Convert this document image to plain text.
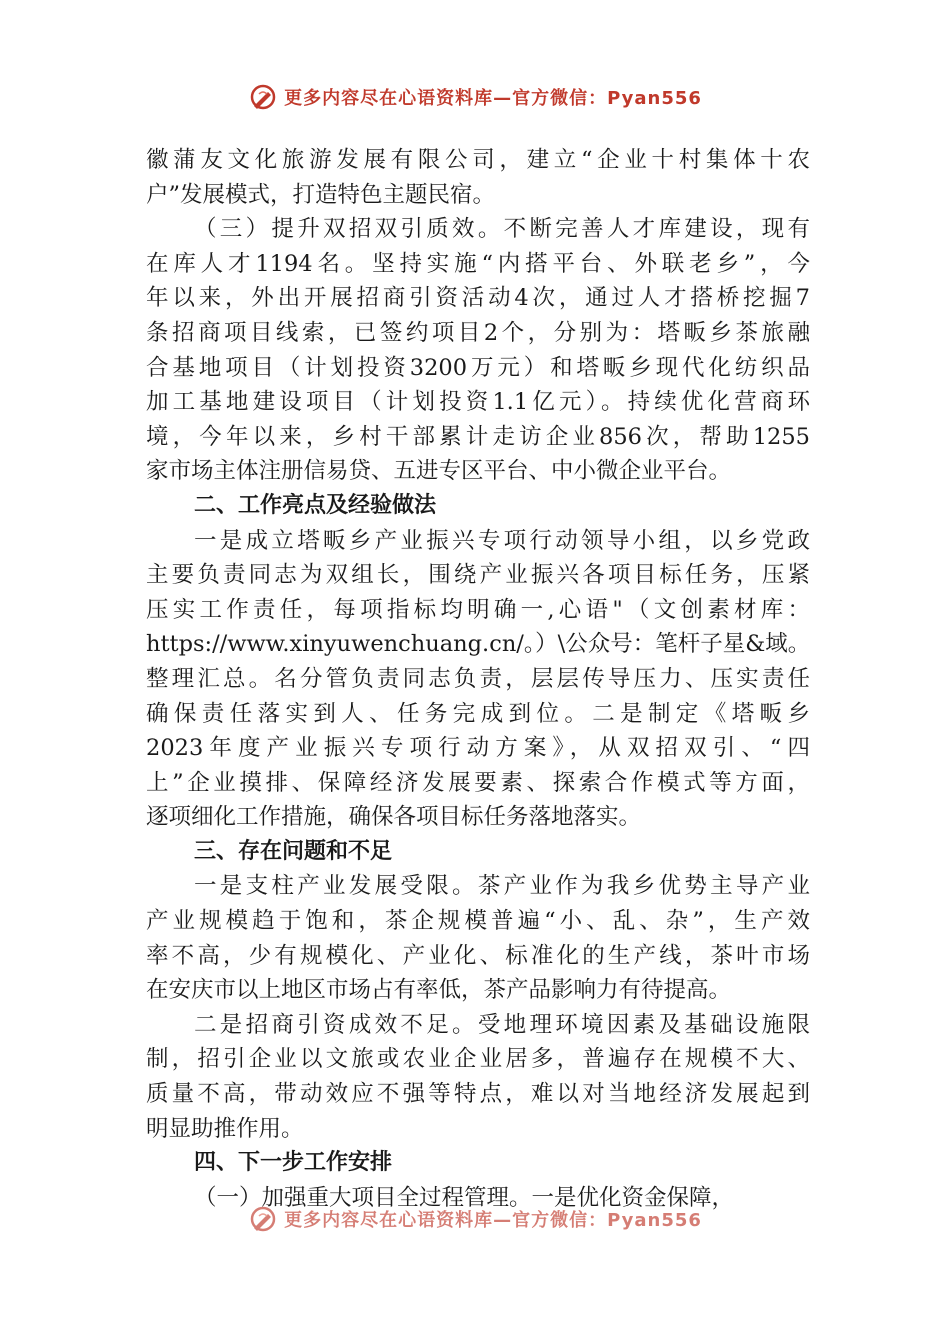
更多内容尽在心语资料库—官方微信：Pyan556
徽蒲友文化旅游发展有限公司，建立“企业十村集体十农
户”发展模式，打造特色主题民宿。
（三）提升双招双引质效。不断完善人才库建设，现有
在库人才1194名。坚持实施“内搭平台、外联老乡”，今
年以来，外出开展招商引资活动4次，通过人才搭桥挖掘7
条招商项目线索，已签约项目2个，分别为：塔畈乡茶旅融
合基地项目（计划投资3200万元）和塔畈乡现代化纺织品
加工基地建设项目（计划投资1.1亿元）。持续优化营商环
境，今年以来，乡村干部累计走访企业856次，帮助1255
家市场主体注册信易贷、五进专区平台、中小微企业平台。
二、工作亮点及经验做法
一是成立塔畈乡产业振兴专项行动领导小组，以乡党政
主要负责同志为双组长，围绕产业振兴各项目标任务，压紧
压实工作责任，每项指标均明确一,心语"（文创素材库：
https://www.xinyuwenchuang.cn/。）\公众号：笔杆子星&域。
整理汇总。名分管负责同志负责，层层传导压力、压实责任
确保责任落实到人、任务完成到位。二是制定《塔畈乡
2023年度产业振兴专项行动方案》，从双招双引、“四
上”企业摸排、保障经济发展要素、探索合作模式等方面，
逐项细化工作措施，确保各项目标任务落地落实。
三、存在问题和不足
一是支柱产业发展受限。茶产业作为我乡优势主导产业
产业规模趋于饱和，茶企规模普遍“小、乱、杂”，生产效
率不高，少有规模化、产业化、标准化的生产线，茶叶市场
在安庆市以上地区市场占有率低，茶产品影响力有待提高。
二是招商引资成效不足。受地理环境因素及基础设施限
制，招引企业以文旅或农业企业居多，普遍存在规模不大、
质量不高，带动效应不强等特点，难以对当地经济发展起到
明显助推作用。
四、下一步工作安排
（一）加强重大项目全过程管理。一是优化资金保障，
更多内容尽在心语资料库—官方微信：Pyan556
